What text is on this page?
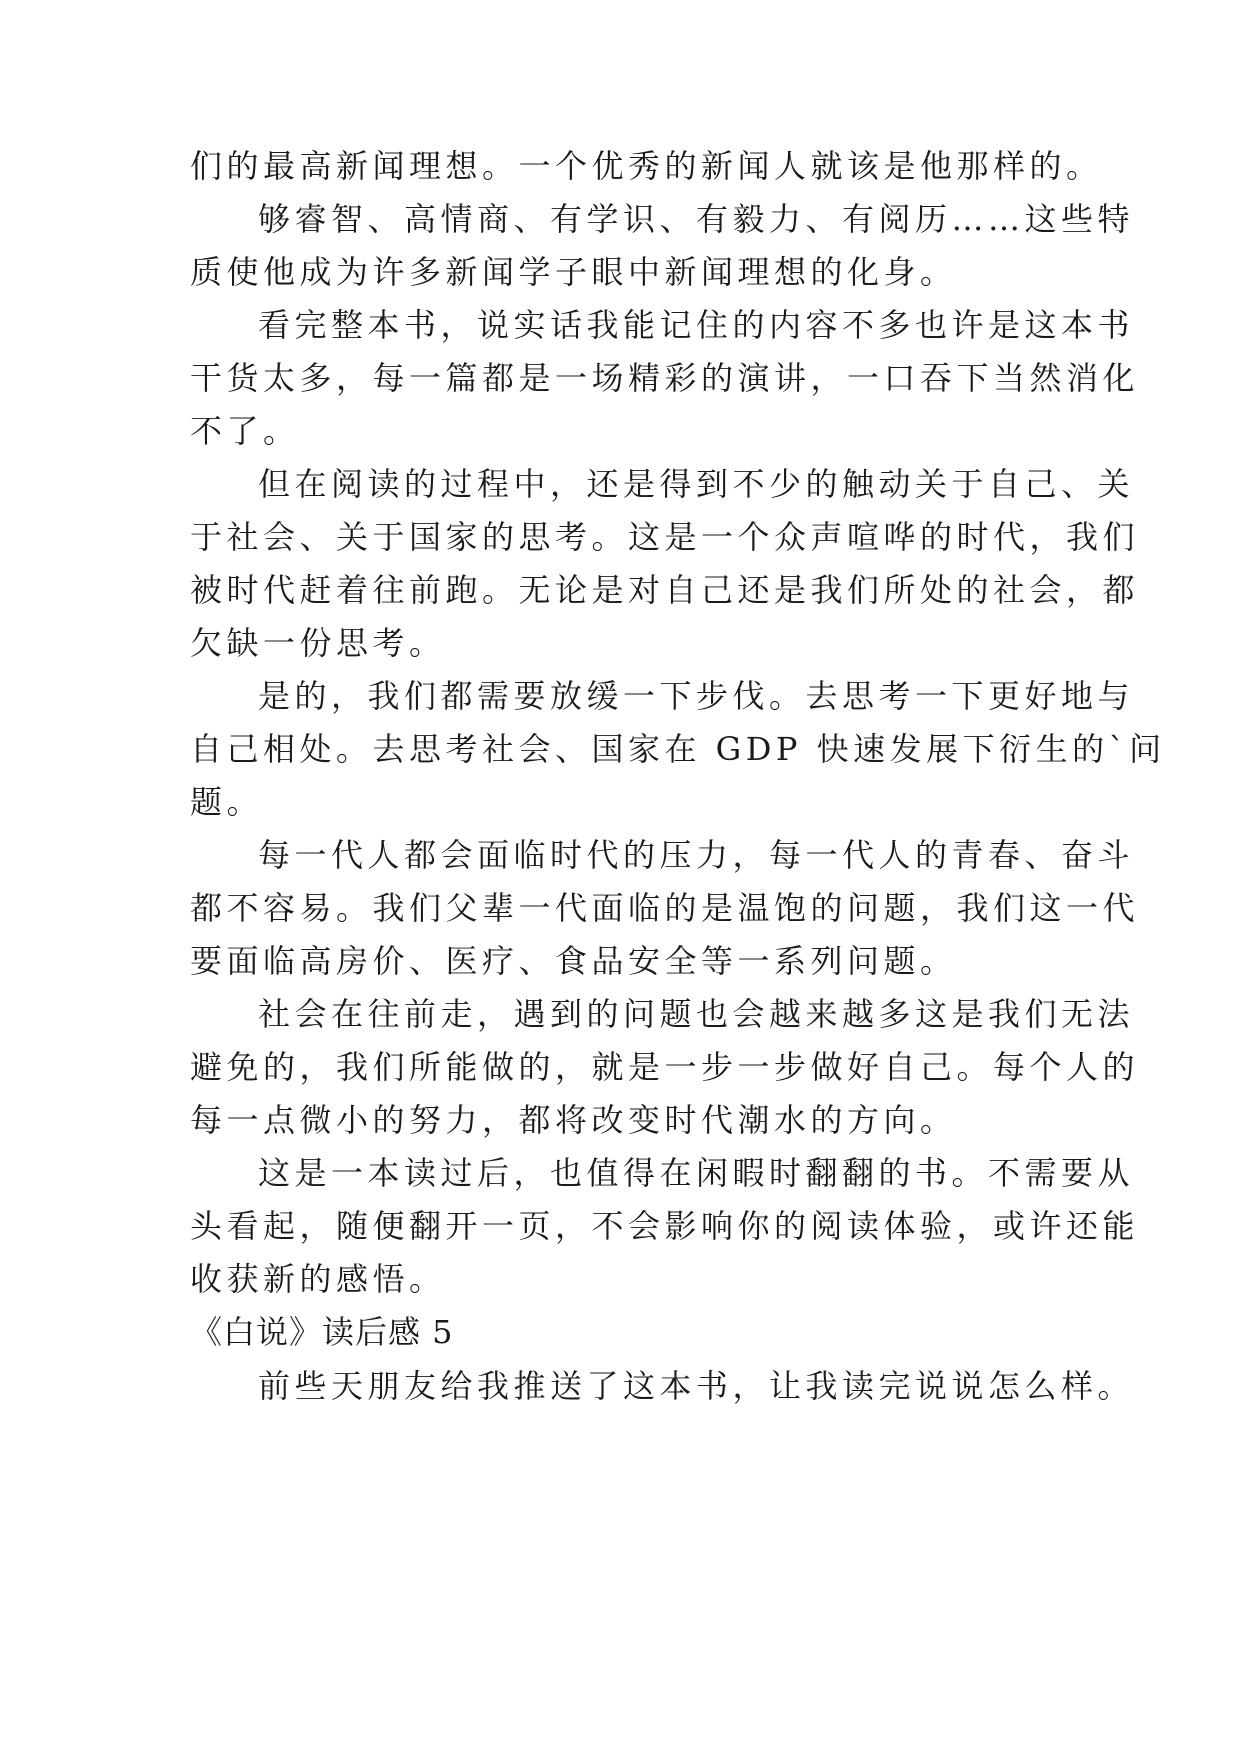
们的最高新闻理想。一个优秀的新闻人就该是他那样的。
够睿智、高情商、有学识、有毅力、有阅历……这些特
质使他成为许多新闻学子眼中新闻理想的化身。
看完整本书，说实话我能记住的内容不多也许是这本书
干货太多，每一篇都是一场精彩的演讲，一口吞下当然消化
不了。
但在阅读的过程中，还是得到不少的触动关于自己、关
于社会、关于国家的思考。这是一个众声喧哗的时代，我们
被时代赶着往前跑。无论是对自己还是我们所处的社会，都
欠缺一份思考。
是的，我们都需要放缓一下步伐。去思考一下更好地与
自己相处。去思考社会、国家在 GDP 快速发展下衍生的`问
题。
每一代人都会面临时代的压力，每一代人的青春、奋斗
都不容易。我们父辈一代面临的是温饱的问题，我们这一代
要面临高房价、医疗、食品安全等一系列问题。
社会在往前走，遇到的问题也会越来越多这是我们无法
避免的，我们所能做的，就是一步一步做好自己。每个人的
每一点微小的努力，都将改变时代潮水的方向。
这是一本读过后，也值得在闲暇时翻翻的书。不需要从
头看起，随便翻开一页，不会影响你的阅读体验，或许还能
收获新的感悟。
《白说》读后感 5
前些天朋友给我推送了这本书，让我读完说说怎么样。
